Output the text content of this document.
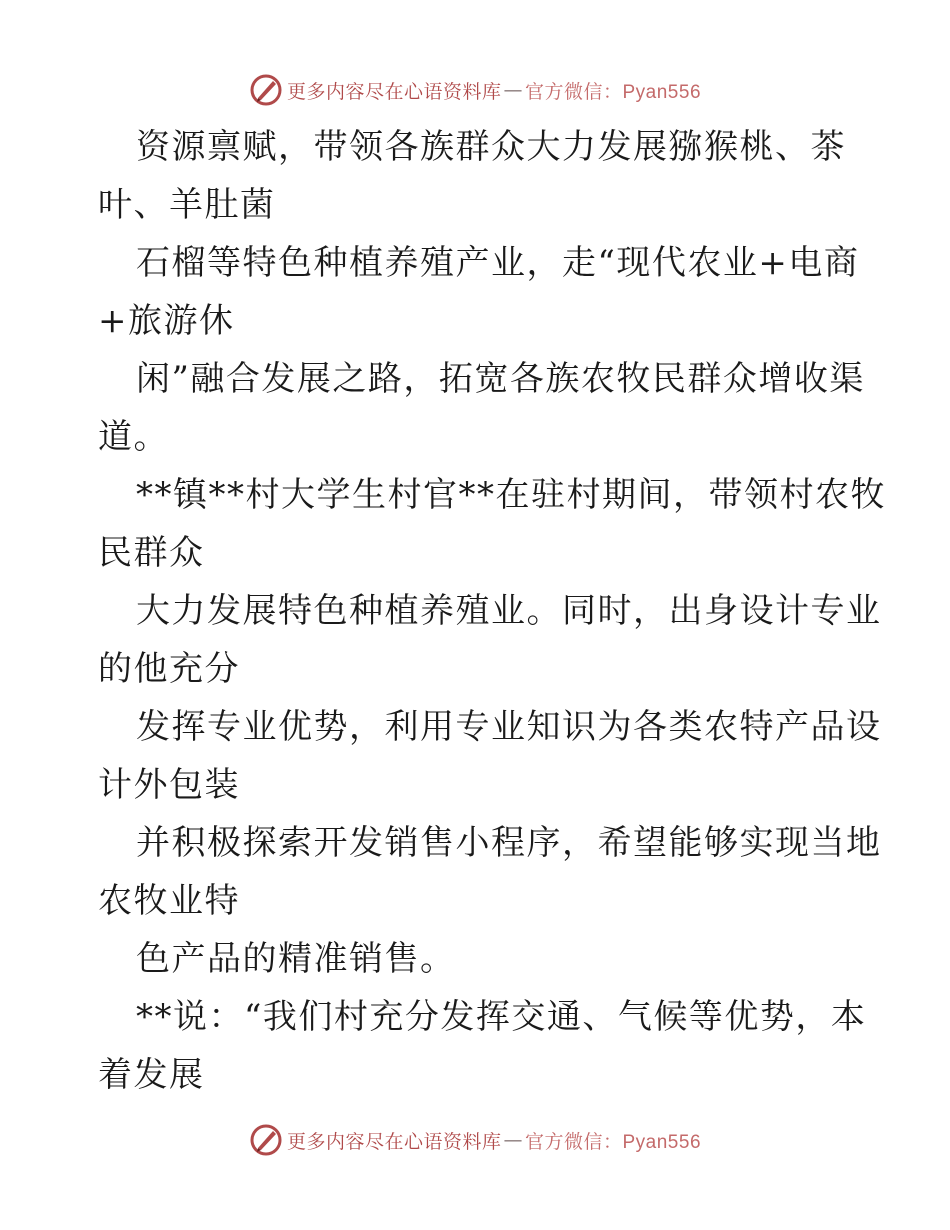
更多内容尽在心语资料库 — 官方微信：Pyan556
资源禀赋，带领各族群众大力发展猕猴桃、茶
叶、羊肚菌
石榴等特色种植养殖产业，走“现代农业+电商
+旅游休
闲”融合发展之路，拓宽各族农牧民群众增收渠
道。
**镇**村大学生村官**在驻村期间，带领村农牧
民群众
大力发展特色种植养殖业。同时，出身设计专业
的他充分
发挥专业优势，利用专业知识为各类农特产品设
计外包装
并积极探索开发销售小程序，希望能够实现当地
农牧业特
色产品的精准销售。
**说：“我们村充分发挥交通、气候等优势，本
着发展
更多内容尽在心语资料库 — 官方微信：Pyan556
